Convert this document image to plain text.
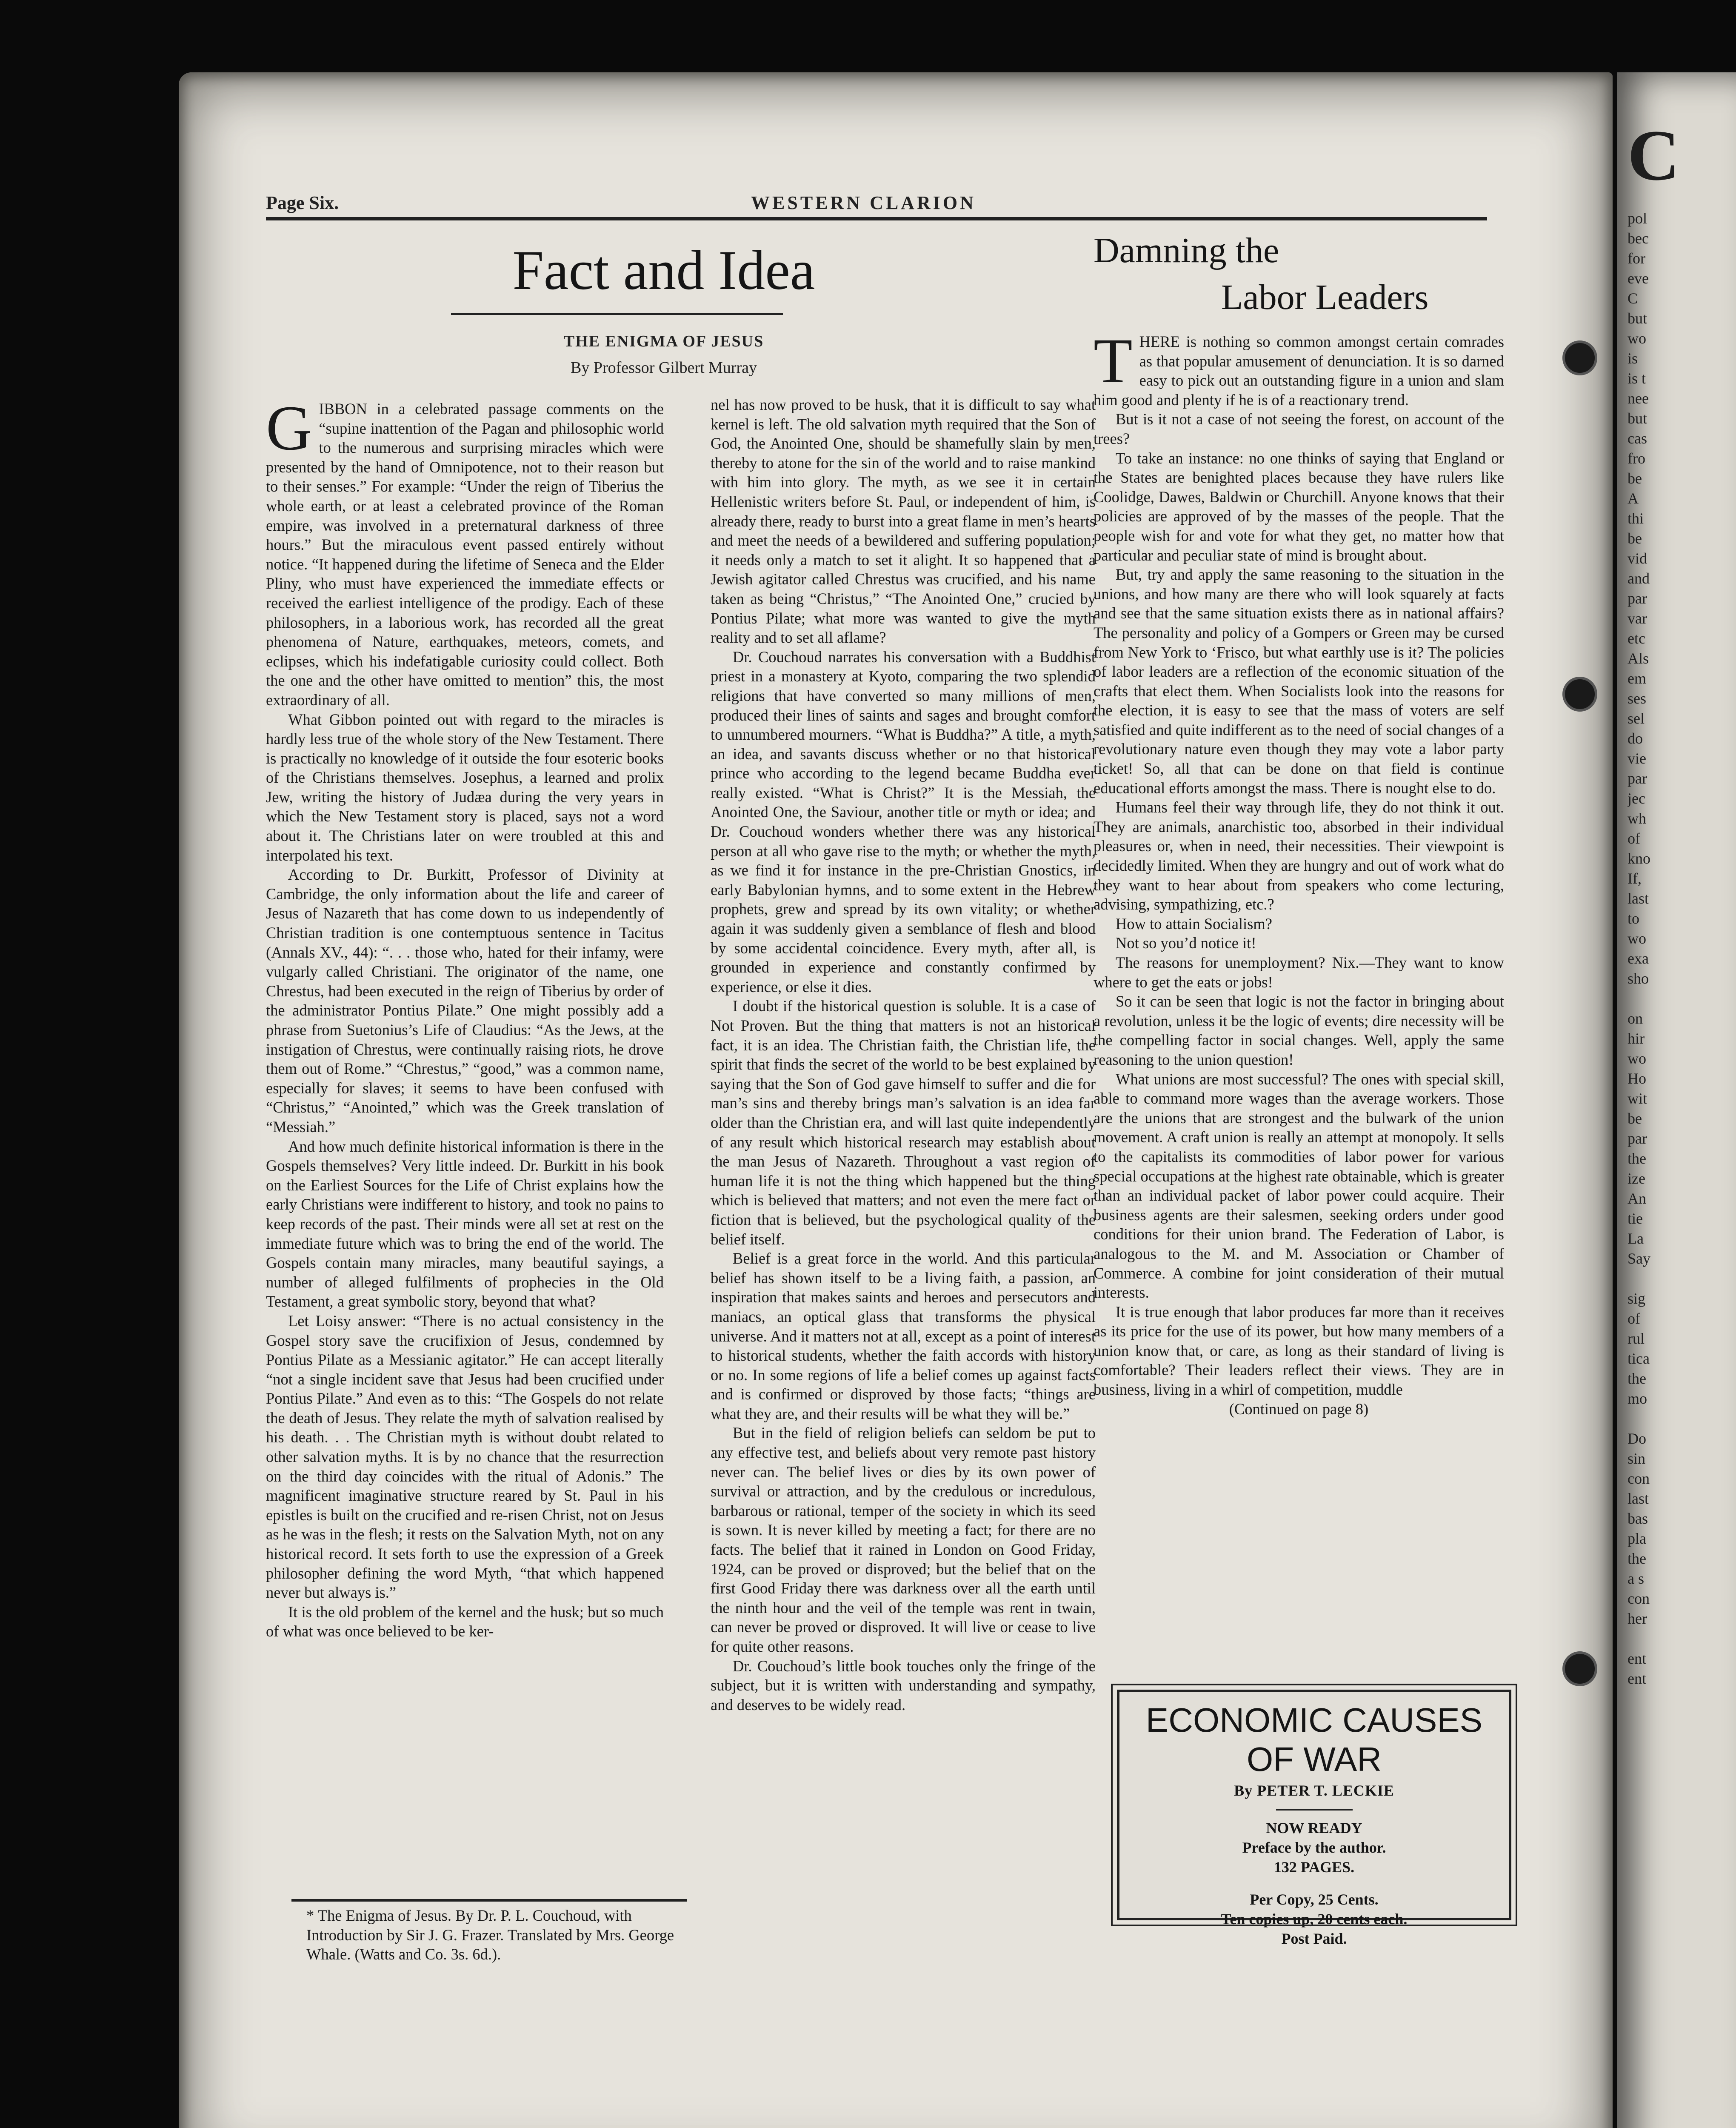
C
pol
bec
for
eve
C
but
wo
is
is t
nee
but
cas
fro
be
A
thi
be
vid
and
par
var
etc
Als
em
ses
sel
do
vie
par
jec
wh
of
kno
If,
last
to
wo
exa
sho

on
hir
wo
Ho
wit
be
par
the
ize
An
tie
La
Say

sig
of
rul
tica
the
mo

Do
sin
con
last
bas
pla
the
a s
con
her

ent
ent
Page Six.	WESTERN CLARION
Fact and Idea
THE ENIGMA OF JESUS
By Professor Gilbert Murray

GIBBON in a celebrated passage comments on the “supine inattention of the Pagan and philosophic world to the numerous and surprising miracles which were presented by the hand of Omnipotence, not to their reason but to their senses.” For example: “Under the reign of Tiberius the whole earth, or at least a celebrated province of the Roman empire, was involved in a preternatural darkness of three hours.” But the miraculous event passed entirely without notice. “It happened during the lifetime of Seneca and the Elder Pliny, who must have experienced the immediate effects or received the earliest intelligence of the prodigy. Each of these philosophers, in a laborious work, has recorded all the great phenomena of Nature, earthquakes, meteors, comets, and eclipses, which his indefatigable curiosity could collect. Both the one and the other have omitted to mention” this, the most extraordinary of all.

What Gibbon pointed out with regard to the miracles is hardly less true of the whole story of the New Testament. There is practically no knowledge of it outside the four esoteric books of the Christians themselves. Josephus, a learned and prolix Jew, writing the history of Judæa during the very years in which the New Testament story is placed, says not a word about it. The Christians later on were troubled at this and interpolated his text.

According to Dr. Burkitt, Professor of Divinity at Cambridge, the only information about the life and career of Jesus of Nazareth that has come down to us independently of Christian tradition is one contemptuous sentence in Tacitus (Annals XV., 44): “. . . those who, hated for their infamy, were vulgarly called Christiani. The originator of the name, one Chrestus, had been executed in the reign of Tiberius by order of the administrator Pontius Pilate.” One might possibly add a phrase from Suetonius’s Life of Claudius: “As the Jews, at the instigation of Chrestus, were continually raising riots, he drove them out of Rome.” “Chrestus,” “good,” was a common name, especially for slaves; it seems to have been confused with “Christus,” “Anointed,” which was the Greek translation of “Messiah.”

And how much definite historical information is there in the Gospels themselves? Very little indeed. Dr. Burkitt in his book on the Earliest Sources for the Life of Christ explains how the early Christians were indifferent to history, and took no pains to keep records of the past. Their minds were all set at rest on the immediate future which was to bring the end of the world. The Gospels contain many miracles, many beautiful sayings, a number of alleged fulfilments of prophecies in the Old Testament, a great symbolic story, beyond that what?

Let Loisy answer: “There is no actual consistency in the Gospel story save the crucifixion of Jesus, condemned by Pontius Pilate as a Messianic agitator.” He can accept literally “not a single incident save that Jesus had been crucified under Pontius Pilate.” And even as to this: “The Gospels do not relate the death of Jesus. They relate the myth of salvation realised by his death. . . The Christian myth is without doubt related to other salvation myths. It is by no chance that the resurrection on the third day coincides with the ritual of Adonis.” The magnificent imaginative structure reared by St. Paul in his epistles is built on the crucified and re-risen Christ, not on Jesus as he was in the flesh; it rests on the Salvation Myth, not on any historical record. It sets forth to use the expression of a Greek philosopher defining the word Myth, “that which happened never but always is.”

It is the old problem of the kernel and the husk; but so much of what was once believed to be ker-

* The Enigma of Jesus. By Dr. P. L. Couchoud, with Introduction by Sir J. G. Frazer. Translated by Mrs. George Whale. (Watts and Co. 3s. 6d.).

nel has now proved to be husk, that it is difficult to say what kernel is left. The old salvation myth required that the Son of God, the Anointed One, should be shamefully slain by men, thereby to atone for the sin of the world and to raise mankind with him into glory. The myth, as we see it in certain Hellenistic writers before St. Paul, or independent of him, is already there, ready to burst into a great flame in men’s hearts and meet the needs of a bewildered and suffering population; it needs only a match to set it alight. It so happened that a Jewish agitator called Chrestus was crucified, and his name taken as being “Christus,” “The Anointed One,” crucied by Pontius Pilate; what more was wanted to give the myth reality and to set all aflame?

Dr. Couchoud narrates his conversation with a Buddhist priest in a monastery at Kyoto, comparing the two splendid religions that have converted so many millions of men, produced their lines of saints and sages and brought comfort to unnumbered mourners. “What is Buddha?” A title, a myth, an idea, and savants discuss whether or no that historical prince who according to the legend became Buddha ever really existed. “What is Christ?” It is the Messiah, the Anointed One, the Saviour, another title or myth or idea; and Dr. Couchoud wonders whether there was any historical person at all who gave rise to the myth; or whether the myth, as we find it for instance in the pre-Christian Gnostics, in early Babylonian hymns, and to some extent in the Hebrew prophets, grew and spread by its own vitality; or whether again it was suddenly given a semblance of flesh and blood by some accidental coincidence. Every myth, after all, is grounded in experience and constantly confirmed by experience, or else it dies.

I doubt if the historical question is soluble. It is a case of Not Proven. But the thing that matters is not an historical fact, it is an idea. The Christian faith, the Christian life, the spirit that finds the secret of the world to be best explained by saying that the Son of God gave himself to suffer and die for man’s sins and thereby brings man’s salvation is an idea far older than the Christian era, and will last quite independently of any result which historical research may establish about the man Jesus of Nazareth. Throughout a vast region of human life it is not the thing which happened but the thing which is believed that matters; and not even the mere fact or fiction that is believed, but the psychological quality of the belief itself.

Belief is a great force in the world. And this particular belief has shown itself to be a living faith, a passion, an inspiration that makes saints and heroes and persecutors and maniacs, an optical glass that transforms the physical universe. And it matters not at all, except as a point of interest to historical students, whether the faith accords with history or no. In some regions of life a belief comes up against facts and is confirmed or disproved by those facts; “things are what they are, and their results will be what they will be.”

But in the field of religion beliefs can seldom be put to any effective test, and beliefs about very remote past history never can. The belief lives or dies by its own power of survival or attraction, and by the credulous or incredulous, barbarous or rational, temper of the society in which its seed is sown. It is never killed by meeting a fact; for there are no facts. The belief that it rained in London on Good Friday, 1924, can be proved or disproved; but the belief that on the first Good Friday there was darkness over all the earth until the ninth hour and the veil of the temple was rent in twain, can never be proved or disproved. It will live or cease to live for quite other reasons.

Dr. Couchoud’s little book touches only the fringe of the subject, but it is written with understanding and sympathy, and deserves to be widely read.

Damning the
Labor Leaders

THERE is nothing so common amongst certain comrades as that popular amusement of denunciation. It is so darned easy to pick out an outstanding figure in a union and slam him good and plenty if he is of a reactionary trend.

But is it not a case of not seeing the forest, on account of the trees?

To take an instance: no one thinks of saying that England or the States are benighted places because they have rulers like Coolidge, Dawes, Baldwin or Churchill. Anyone knows that their policies are approved of by the masses of the people. That the people wish for and vote for what they get, no matter how that particular and peculiar state of mind is brought about.

But, try and apply the same reasoning to the situation in the unions, and how many are there who will look squarely at facts and see that the same situation exists there as in national affairs? The personality and policy of a Gompers or Green may be cursed from New York to ‘Frisco, but what earthly use is it? The policies of labor leaders are a reflection of the economic situation of the crafts that elect them. When Socialists look into the reasons for the election, it is easy to see that the mass of voters are self satisfied and quite indifferent as to the need of social changes of a revolutionary nature even though they may vote a labor party ticket! So, all that can be done on that field is continue educational efforts amongst the mass. There is nought else to do.

Humans feel their way through life, they do not think it out. They are animals, anarchistic too, absorbed in their individual pleasures or, when in need, their necessities. Their viewpoint is decidedly limited. When they are hungry and out of work what do they want to hear about from speakers who come lecturing, advising, sympathizing, etc.?

How to attain Socialism?

Not so you’d notice it!

The reasons for unemployment? Nix.—They want to know where to get the eats or jobs!

So it can be seen that logic is not the factor in bringing about a revolution, unless it be the logic of events; dire necessity will be the compelling factor in social changes. Well, apply the same reasoning to the union question!

What unions are most successful? The ones with special skill, able to command more wages than the average workers. Those are the unions that are strongest and the bulwark of the union movement. A craft union is really an attempt at monopoly. It sells to the capitalists its commodities of labor power for various special occupations at the highest rate obtainable, which is greater than an individual packet of labor power could acquire. Their business agents are their salesmen, seeking orders under good conditions for their union brand. The Federation of Labor, is analogous to the M. and M. Association or Chamber of Commerce. A combine for joint consideration of their mutual interests.

It is true enough that labor produces far more than it receives as its price for the use of its power, but how many members of a union know that, or care, as long as their standard of living is comfortable? Their leaders reflect their views. They are in business, living in a whirl of competition, muddle

(Continued on page 8)

ECONOMIC CAUSES
OF WAR
By PETER T. LECKIE
NOW READY
Preface by the author.
132 PAGES.
Per Copy, 25 Cents.
Ten copies up, 20 cents each.
Post Paid.
